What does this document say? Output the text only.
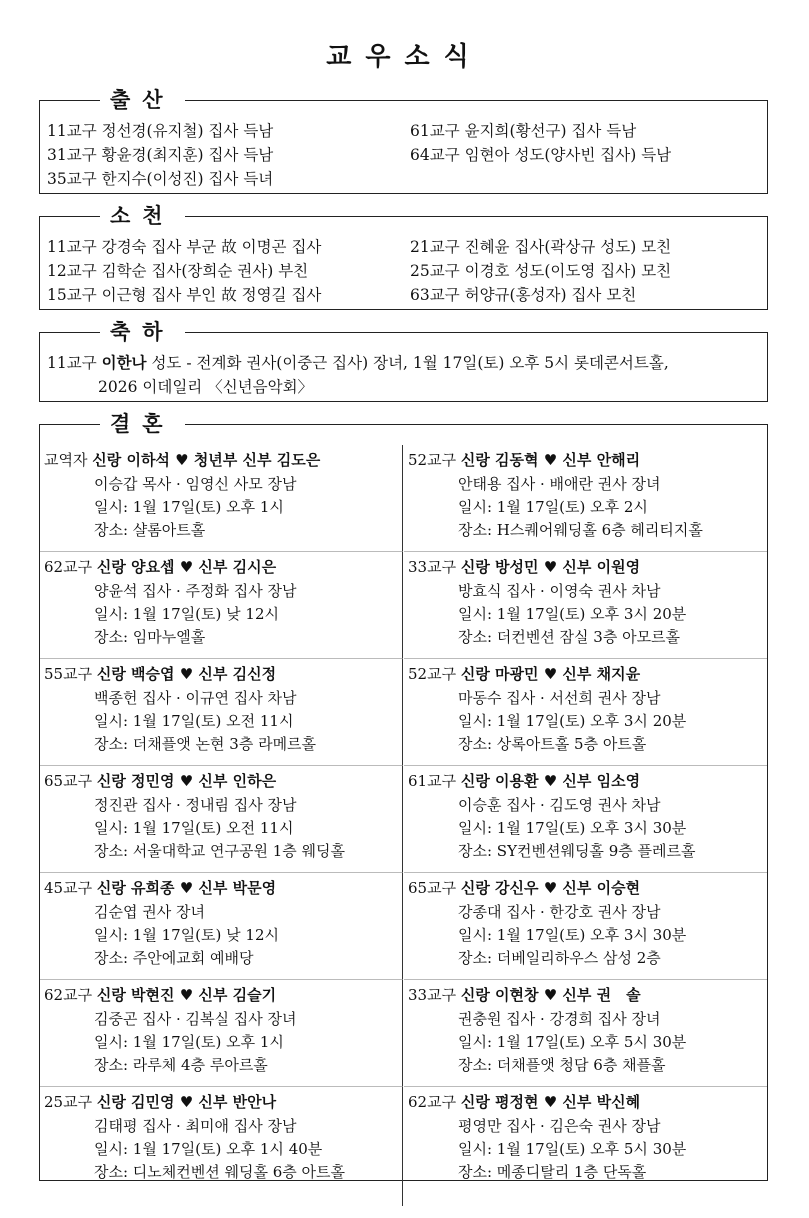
교우소식
출산
11교구 정선경(유지철) 집사 득남	61교구 윤지희(황선구) 집사 득남
31교구 황윤경(최지훈) 집사 득남	64교구 임현아 성도(양사빈 집사) 득남
35교구 한지수(이성진) 집사 득녀
소천
11교구 강경숙 집사 부군 故 이명곤 집사	21교구 진혜윤 집사(곽상규 성도) 모친
12교구 김학순 집사(장희순 권사) 부친	25교구 이경호 성도(이도영 집사) 모친
15교구 이근형 집사 부인 故 정영길 집사	63교구 허양규(홍성자) 집사 모친
축하
11교구 이한나 성도 - 전계화 권사(이중근 집사) 장녀, 1월 17일(토) 오후 5시 롯데콘서트홀,
2026 이데일리 〈신년음악회〉
결혼
교역자 신랑 이하석 ♥ 청년부 신부 김도은
이승갑 목사 · 임영신 사모 장남
일시: 1월 17일(토) 오후 1시
장소: 샬롬아트홀
52교구 신랑 김동혁 ♥ 신부 안해리
안태용 집사 · 배애란 권사 장녀
일시: 1월 17일(토) 오후 2시
장소: H스퀘어웨딩홀 6층 헤리티지홀
62교구 신랑 양요셉 ♥ 신부 김시은
양윤석 집사 · 주정화 집사 장남
일시: 1월 17일(토) 낮 12시
장소: 임마누엘홀
33교구 신랑 방성민 ♥ 신부 이원영
방효식 집사 · 이영숙 권사 차남
일시: 1월 17일(토) 오후 3시 20분
장소: 더컨벤션 잠실 3층 아모르홀
55교구 신랑 백승엽 ♥ 신부 김신정
백종헌 집사 · 이규연 집사 차남
일시: 1월 17일(토) 오전 11시
장소: 더채플앳 논현 3층 라메르홀
52교구 신랑 마광민 ♥ 신부 채지윤
마동수 집사 · 서선희 권사 장남
일시: 1월 17일(토) 오후 3시 20분
장소: 상록아트홀 5층 아트홀
65교구 신랑 정민영 ♥ 신부 인하은
정진관 집사 · 정내림 집사 장남
일시: 1월 17일(토) 오전 11시
장소: 서울대학교 연구공원 1층 웨딩홀
61교구 신랑 이용환 ♥ 신부 임소영
이승훈 집사 · 김도영 권사 차남
일시: 1월 17일(토) 오후 3시 30분
장소: SY컨벤션웨딩홀 9층 플레르홀
45교구 신랑 유희종 ♥ 신부 박문영
김순엽 권사 장녀
일시: 1월 17일(토) 낮 12시
장소: 주안에교회 예배당
65교구 신랑 강신우 ♥ 신부 이승현
강종대 집사 · 한강호 권사 장남
일시: 1월 17일(토) 오후 3시 30분
장소: 더베일리하우스 삼성 2층
62교구 신랑 박현진 ♥ 신부 김슬기
김중곤 집사 · 김복실 집사 장녀
일시: 1월 17일(토) 오후 1시
장소: 라루체 4층 루아르홀
33교구 신랑 이현창 ♥ 신부 권　솔
권충원 집사 · 강경희 집사 장녀
일시: 1월 17일(토) 오후 5시 30분
장소: 더채플앳 청담 6층 채플홀
25교구 신랑 김민영 ♥ 신부 반안나
김태평 집사 · 최미애 집사 장남
일시: 1월 17일(토) 오후 1시 40분
장소: 디노체컨벤션 웨딩홀 6층 아트홀
62교구 신랑 평정현 ♥ 신부 박신혜
평영만 집사 · 김은숙 권사 장남
일시: 1월 17일(토) 오후 5시 30분
장소: 메종디탈리 1층 단독홀
